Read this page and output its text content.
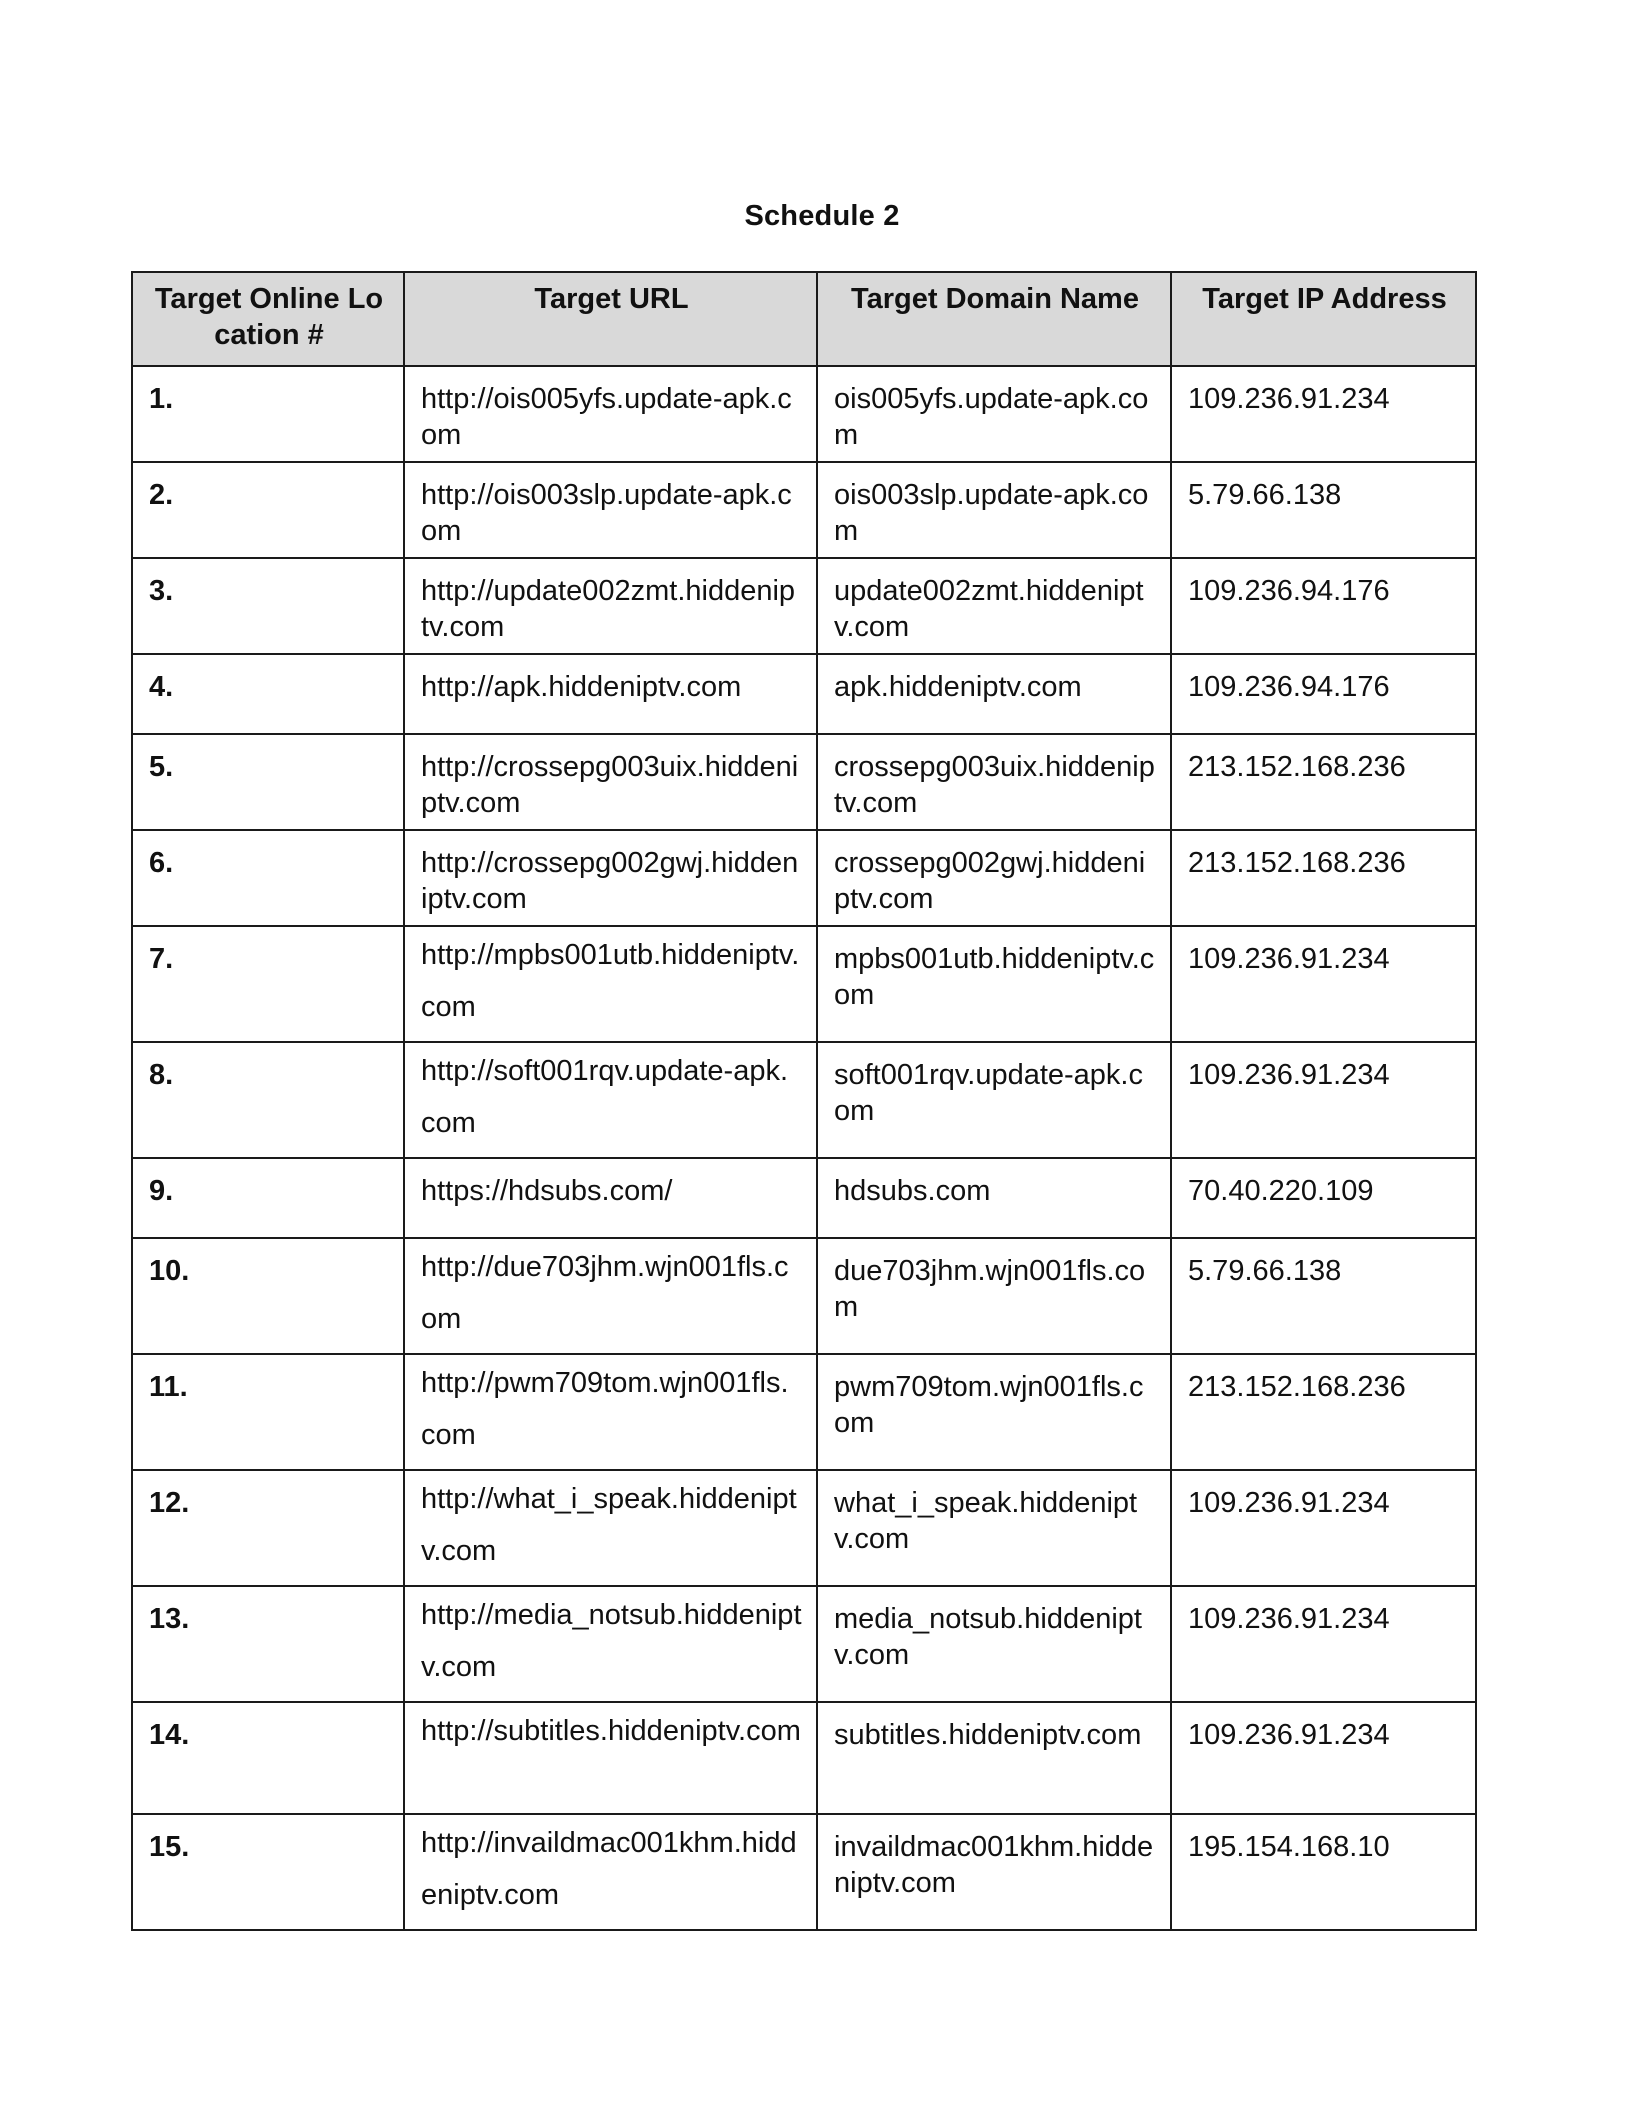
Schedule 2
Target Online Location #	Target URL	Target Domain Name	Target IP Address
1.	http://ois005yfs.update-apk.com	ois005yfs.update-apk.com	109.236.91.234
2.	http://ois003slp.update-apk.com	ois003slp.update-apk.com	5.79.66.138
3.	http://update002zmt.hiddeniptv.com	update002zmt.hiddeniptv.com	109.236.94.176
4.	http://apk.hiddeniptv.com	apk.hiddeniptv.com	109.236.94.176
5.	http://crossepg003uix.hiddeniptv.com	crossepg003uix.hiddeniptv.com	213.152.168.236
6.	http://crossepg002gwj.hiddeniptv.com	crossepg002gwj.hiddeniptv.com	213.152.168.236
7.	http://mpbs001utb.hiddeniptv.com	mpbs001utb.hiddeniptv.com	109.236.91.234
8.	http://soft001rqv.update-apk.com	soft001rqv.update-apk.com	109.236.91.234
9.	https://hdsubs.com/	hdsubs.com	70.40.220.109
10.	http://due703jhm.wjn001fls.com	due703jhm.wjn001fls.com	5.79.66.138
11.	http://pwm709tom.wjn001fls.com	pwm709tom.wjn001fls.com	213.152.168.236
12.	http://what_i_speak.hiddeniptv.com	what_i_speak.hiddeniptv.com	109.236.91.234
13.	http://media_notsub.hiddeniptv.com	media_notsub.hiddeniptv.com	109.236.91.234
14.	http://subtitles.hiddeniptv.com	subtitles.hiddeniptv.com	109.236.91.234
15.	http://invaildmac001khm.hiddeniptv.com	invaildmac001khm.hiddeniptv.com	195.154.168.10
